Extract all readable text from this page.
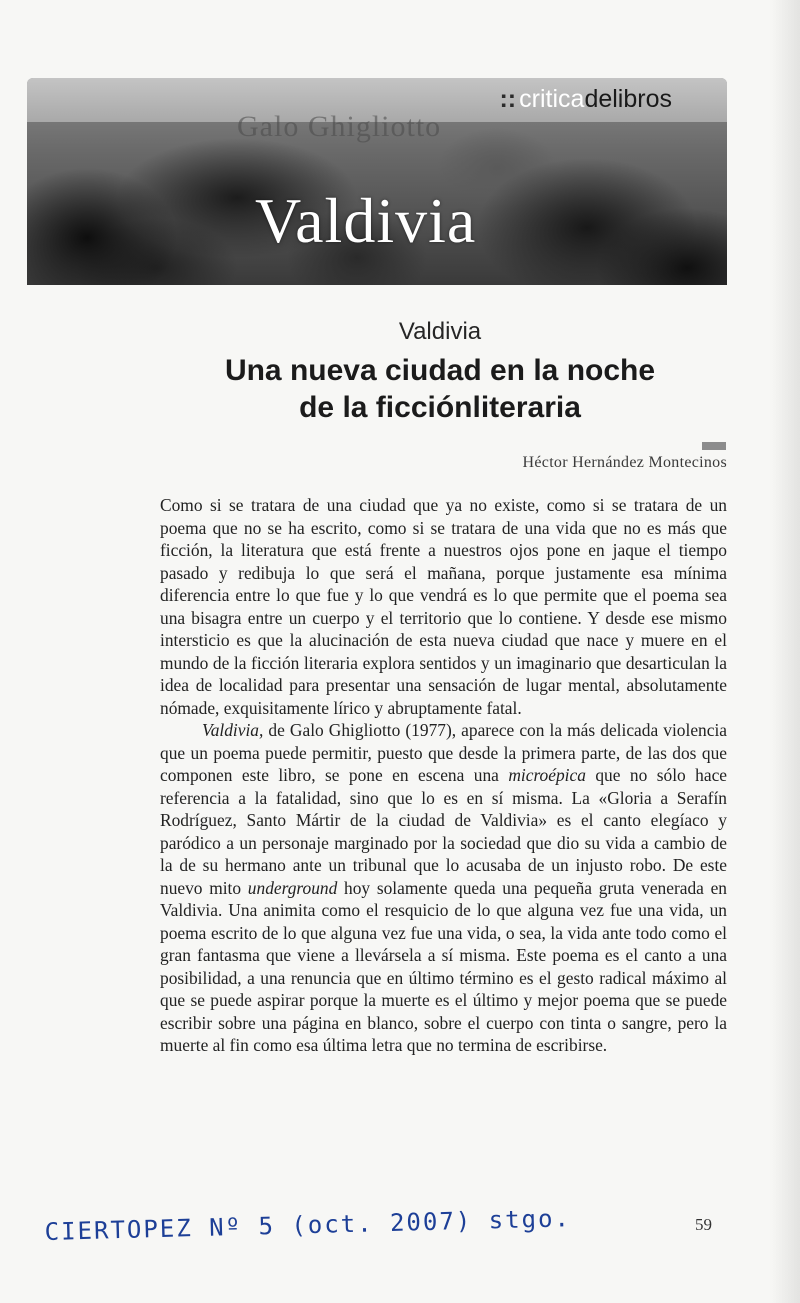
Galo Ghigliotto
:: criticadelibros
Valdivia
Valdivia
Una nueva ciudad en la noche
de la ficciónliteraria
Héctor Hernández Montecinos

Como si se tratara de una ciudad que ya no existe, como si se tratara de un poema que no se ha escrito, como si se tratara de una vida que no es más que ficción, la literatura que está frente a nuestros ojos pone en jaque el tiempo pasado y redibuja lo que será el mañana, porque justamente esa mínima diferencia entre lo que fue y lo que vendrá es lo que permite que el poema sea una bisagra entre un cuerpo y el territorio que lo contiene. Y desde ese mismo intersticio es que la alucinación de esta nueva ciudad que nace y muere en el mundo de la ficción literaria explora sentidos y un imaginario que desarticulan la idea de localidad para presentar una sensación de lugar mental, absolutamente nómade, exquisitamente lírico y abruptamente fatal.

Valdivia, de Galo Ghigliotto (1977), aparece con la más delicada violencia que un poema puede permitir, puesto que desde la primera parte, de las dos que componen este libro, se pone en escena una microépica que no sólo hace referencia a la fatalidad, sino que lo es en sí misma. La «Gloria a Serafín Rodríguez, Santo Mártir de la ciudad de Valdivia» es el canto elegíaco y paródico a un personaje marginado por la sociedad que dio su vida a cambio de la de su hermano ante un tribunal que lo acusaba de un injusto robo. De este nuevo mito underground hoy solamente queda una pequeña gruta venerada en Valdivia. Una animita como el resquicio de lo que alguna vez fue una vida, un poema escrito de lo que alguna vez fue una vida, o sea, la vida ante todo como el gran fantasma que viene a llevársela a sí misma. Este poema es el canto a una posibilidad, a una renuncia que en último término es el gesto radical máximo al que se puede aspirar porque la muerte es el último y mejor poema que se puede escribir sobre una página en blanco, sobre el cuerpo con tinta o sangre, pero la muerte al fin como esa última letra que no termina de escribirse.

59
CIERTOPEZ Nº 5 (oct. 2007) stgo.
